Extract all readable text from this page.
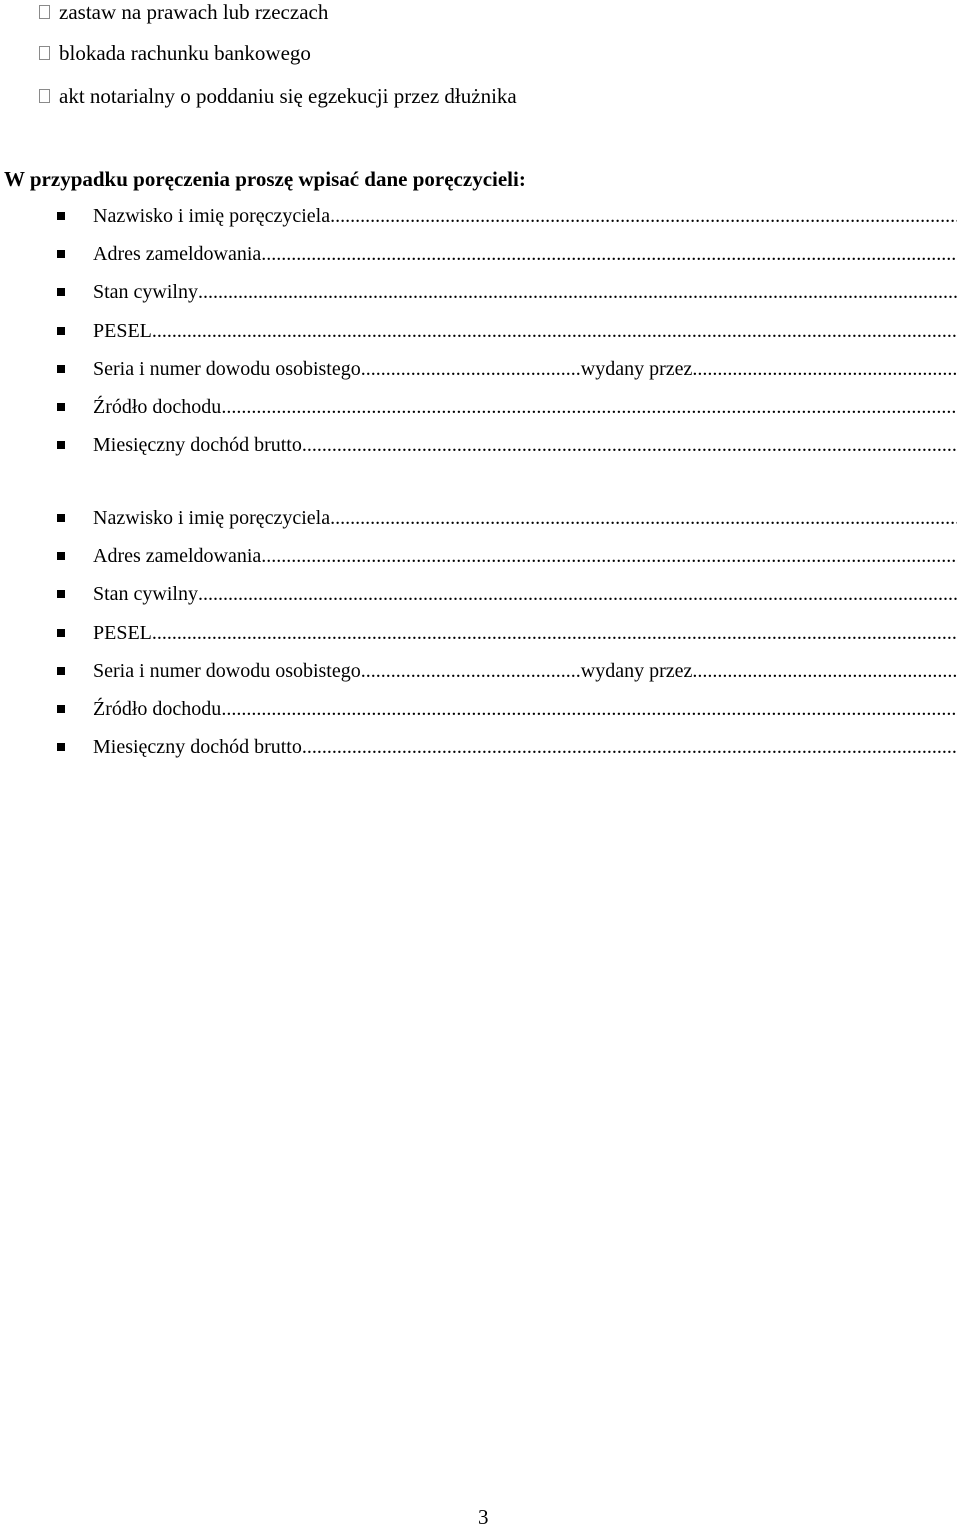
zastaw na prawach lub rzeczach
blokada rachunku bankowego
akt notarialny o poddaniu się egzekucji przez dłużnika
W przypadku poręczenia proszę wpisać dane poręczycieli:
Nazwisko i imię poręczyciela
.....
Adres zameldowania
.....
Stan cywilny
.....
PESEL
.....
Seria i numer dowodu osobistego .....	wydany przez
.....
Źródło dochodu
.....
Miesięczny dochód brutto
.....
Nazwisko i imię poręczyciela
.....
Adres zameldowania
.....
Stan cywilny
.....
PESEL
.....
Seria i numer dowodu osobistego .....	wydany przez
.....
Źródło dochodu
.....
Miesięczny dochód brutto
.....
3
